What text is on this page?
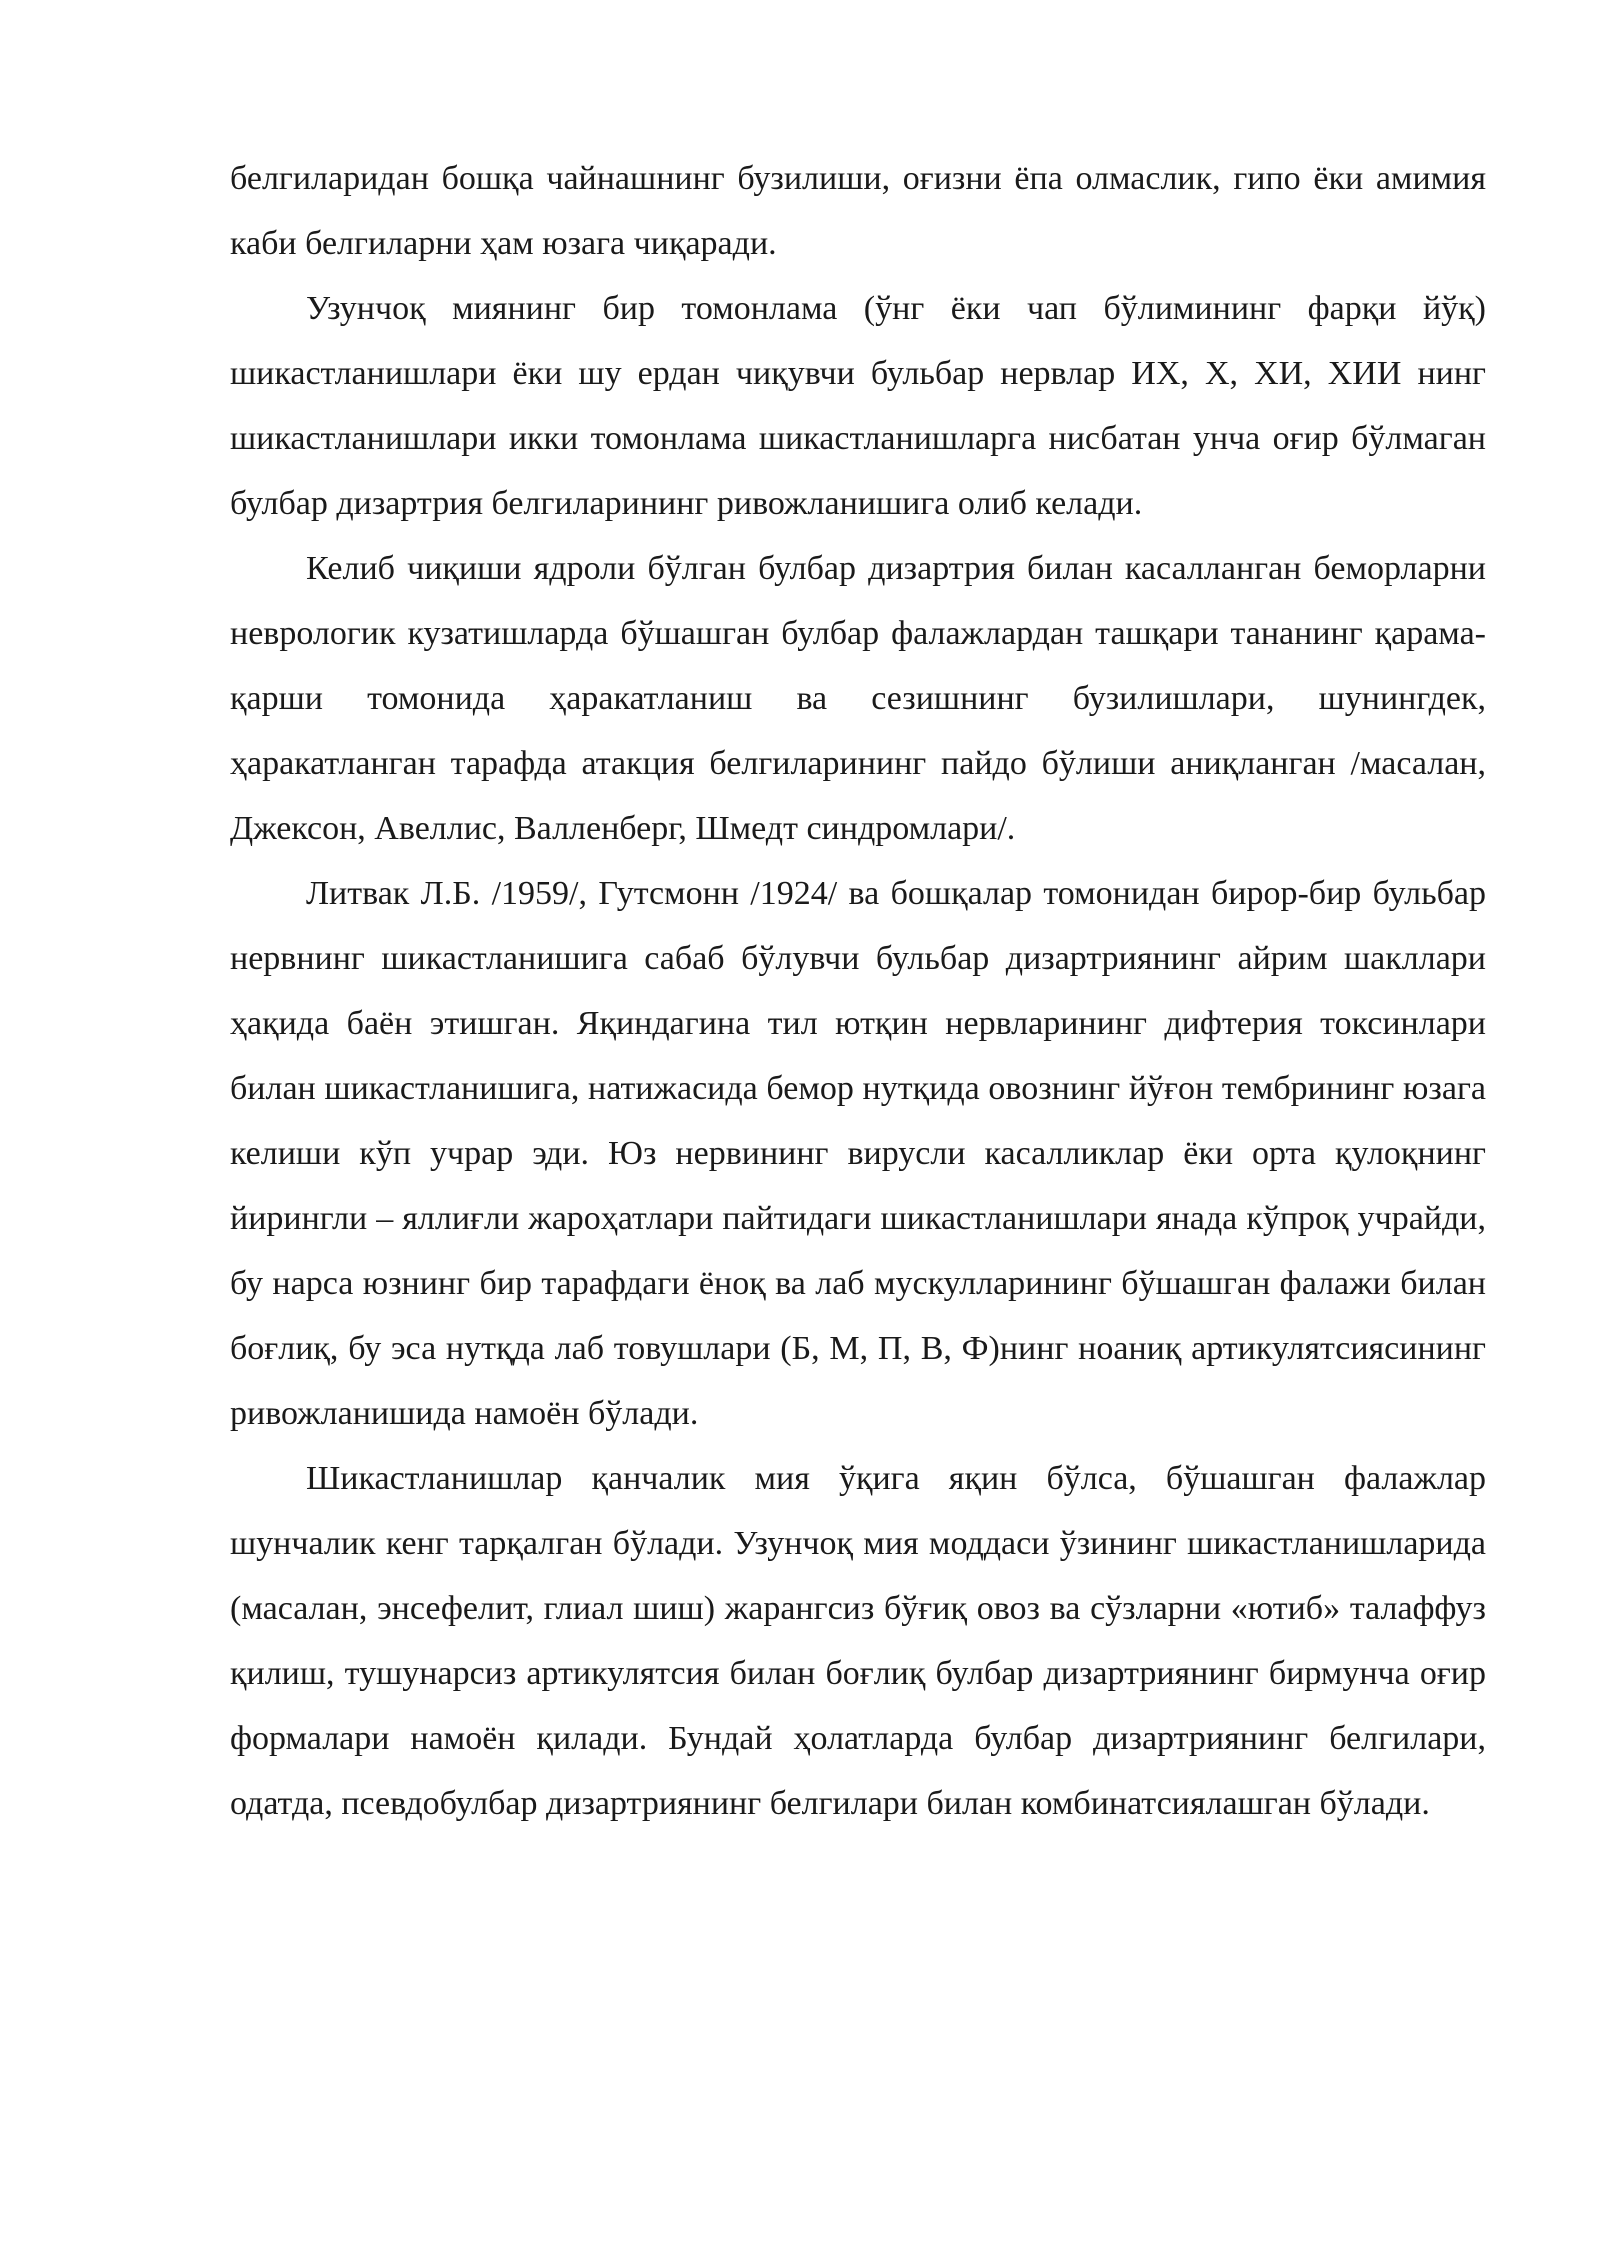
белгиларидан бошқа чайнашнинг бузилиши, оғизни ёпа олмаслик, гипо ёки амимия каби белгиларни ҳам юзага чиқаради.

Узунчоқ миянинг бир томонлама (ўнг ёки чап бўлимининг фарқи йўқ) шикастланишлари ёки шу ердан чиқувчи бульбар нервлар ИХ, Х, ХИ, ХИИ нинг шикастланишлари икки томонлама шикастланишларга нисбатан унча оғир бўлмаган булбар дизартрия белгиларининг ривожланишига олиб келади.

Келиб чиқиши ядроли бўлган булбар дизартрия билан касалланган беморларни неврологик кузатишларда бўшашган булбар фалажлардан ташқари тананинг қарама-қарши томонида ҳаракатланиш ва сезишнинг бузилишлари, шунингдек, ҳаракатланган тарафда атакция белгиларининг пайдо бўлиши аниқланган /масалан, Джексон, Авеллис, Валленберг, Шмедт синдромлари/.

Литвак Л.Б. /1959/, Гутсмонн /1924/ ва бошқалар томонидан бирор-бир бульбар нервнинг шикастланишига сабаб бўлувчи бульбар дизартриянинг айрим шакллари ҳақида баён этишган. Яқиндагина тил ютқин нервларининг дифтерия токсинлари билан шикастланишига, натижасида бемор нутқида овознинг йўғон тембрининг юзага келиши кўп учрар эди. Юз нервининг вирусли касалликлар ёки орта қулоқнинг йирингли – яллиғли жароҳатлари пайтидаги шикастланишлари янада кўпроқ учрайди, бу нарса юзнинг бир тарафдаги ёноқ ва лаб мускулларининг бўшашган фалажи билан боғлиқ, бу эса нутқда лаб товушлари (Б, М, П, В, Ф)нинг ноаниқ артикулятсиясининг ривожланишида намоён бўлади.

Шикастланишлар қанчалик мия ўқига яқин бўлса, бўшашган фалажлар шунчалик кенг тарқалган бўлади. Узунчоқ мия моддаси ўзининг шикастланишларида (масалан, энсефелит, глиал шиш) жарангсиз бўғиқ овоз ва сўзларни «ютиб» талаффуз қилиш, тушунарсиз артикулятсия билан боғлиқ булбар дизартриянинг бирмунча оғир формалари намоён қилади. Бундай ҳолатларда булбар дизартриянинг белгилари, одатда, псевдобулбар дизартриянинг белгилари билан комбинатсиялашган бўлади.
